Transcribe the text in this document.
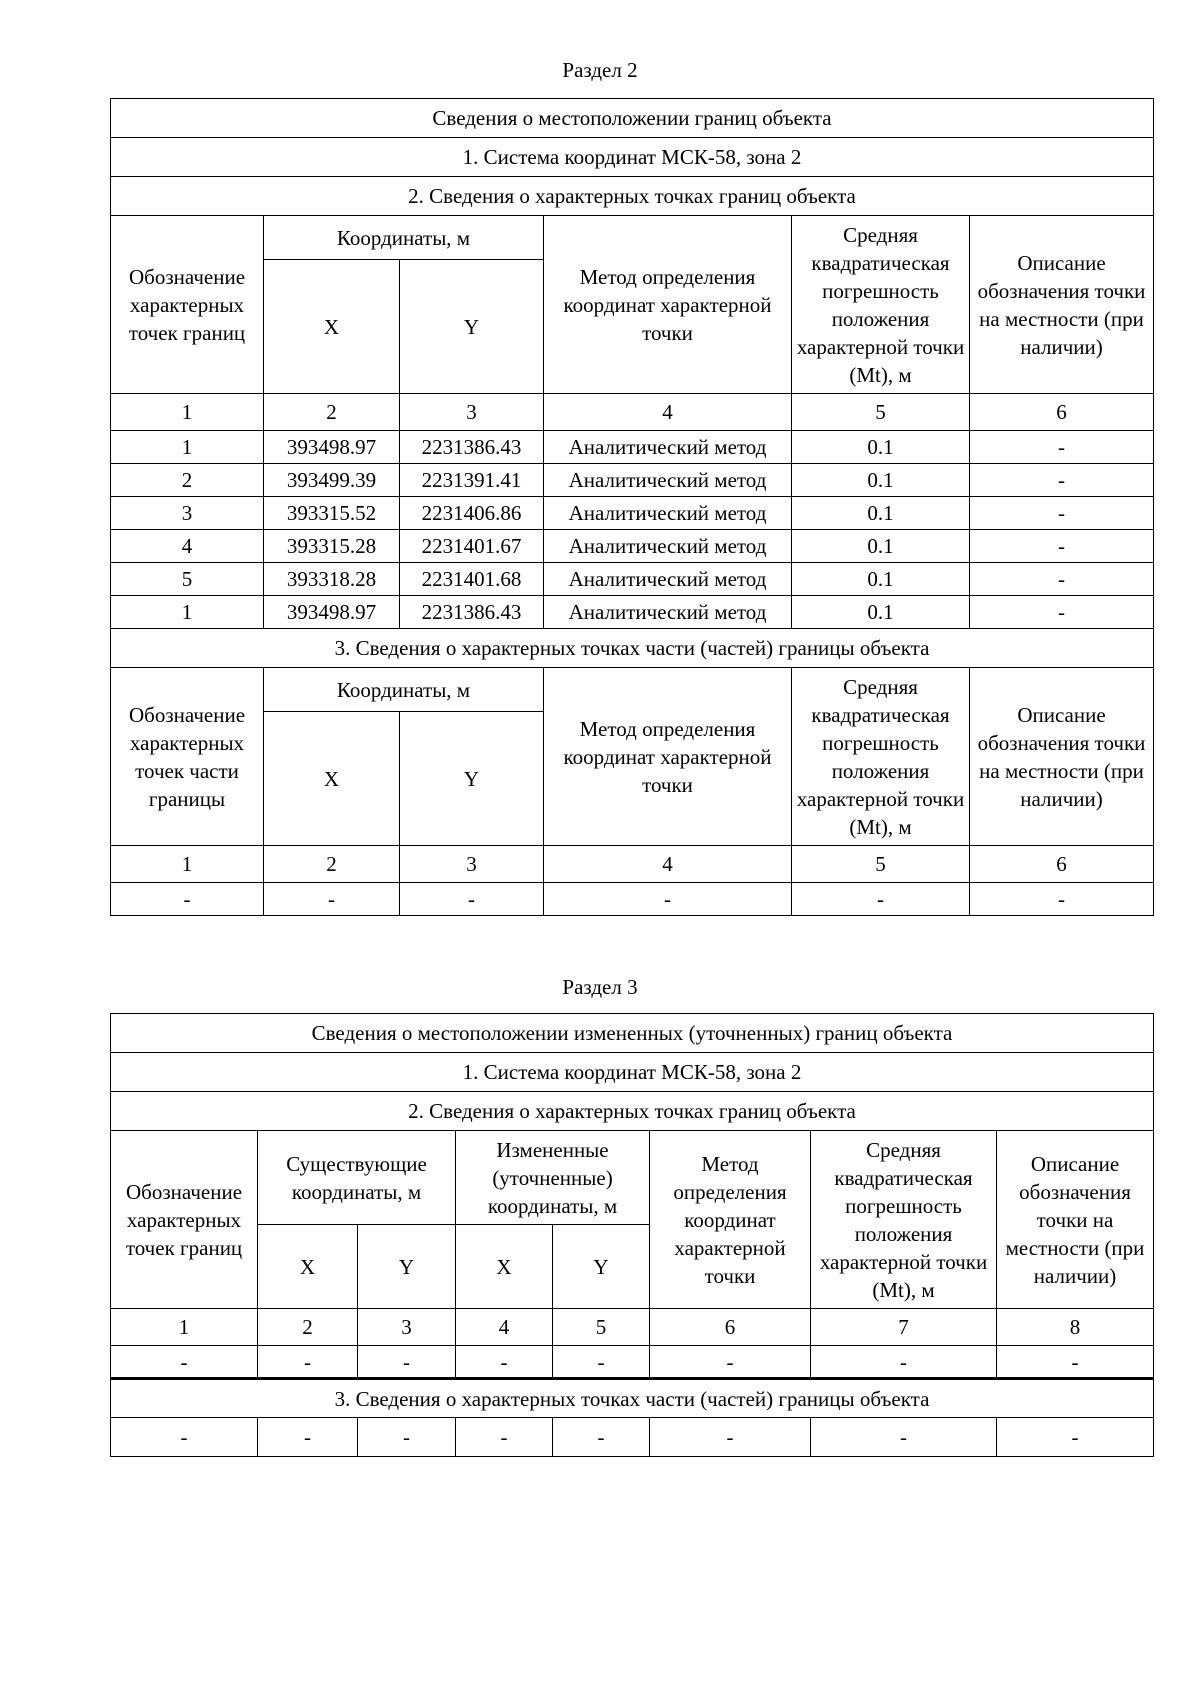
Раздел 2
Сведения о местоположении границ объекта					
1. Система координат МСК-58, зона 2					
2. Сведения о характерных точках границ объекта					
Обозначение характерных точек границ	Координаты, м		Метод определения координат характерной точки	Средняя квадратическая погрешность положения характерной точки (Mt), м	Описание обозначения точки на местности (при наличии)
	X	Y			
1	2	3	4	5	6
1	393498.97	2231386.43	Аналитический метод	0.1	-
2	393499.39	2231391.41	Аналитический метод	0.1	-
3	393315.52	2231406.86	Аналитический метод	0.1	-
4	393315.28	2231401.67	Аналитический метод	0.1	-
5	393318.28	2231401.68	Аналитический метод	0.1	-
1	393498.97	2231386.43	Аналитический метод	0.1	-
3. Сведения о характерных точках части (частей) границы объекта					
Обозначение характерных точек части границы	Координаты, м		Метод определения координат характерной точки	Средняя квадратическая погрешность положения характерной точки (Mt), м	Описание обозначения точки на местности (при наличии)
	X	Y			
1	2	3	4	5	6
-	-	-	-	-	-
Раздел 3
Сведения о местоположении измененных (уточненных) границ объекта							
1. Система координат МСК-58, зона 2							
2. Сведения о характерных точках границ объекта							
Обозначение характерных точек границ	Существующие координаты, м		Измененные (уточненные) координаты, м		Метод определения координат характерной точки	Средняя квадратическая погрешность положения характерной точки (Mt), м	Описание обозначения точки на местности (при наличии)
	X	Y	X	Y			
1	2	3	4	5	6	7	8
-	-	-	-	-	-	-	-
3. Сведения о характерных точках части (частей) границы объекта							
-	-	-	-	-	-	-	-
